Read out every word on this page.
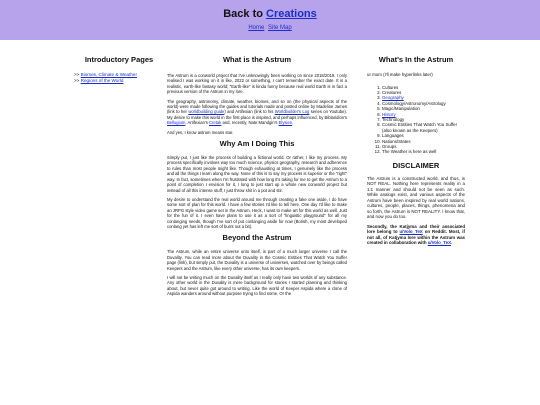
Back to Creations
Home Site Map
Introductory Pages
>> Biomes, Climate & Weather
>> Regions of the World
What is the Astrum

The Astrum is a conworld project that I've unknowingly been working on since 2018/2019. I only realised I was working on it in like, 2022 or something, I can't remember the exact date. It is a realistic, earth-like fantasy world; "Earth-like" is kinda funny because real world Earth is in fact a previous version of the Astrum in my lore.

The geography, astronomy, climate, weather, biomes, and so on (the physical aspects of the world) were made following the guides and tutorials made and posted online by Madeline James (link to her worldbuilding guide) and Artifexian (link to his Worldbuilder's Log series on Youtube). My desire to make this world in the first place is inspired, and perhaps influenced, by Biblaridion's Bellugium, Artifexian's Cretak and, recently, Nate Mandgin's Elysien.

And yes, I know astrum means star.

Why Am I Doing This

Simply put, I just like the process of building a fictional world. Or rather, I like my process. My process specifically involves way too much science, physics geography, research and adherence to rules than most people might like. Though exhausting at times, I genuinely like the process and all the things I learn along the way. None of this is to say my process is superior or the "right" way. In fact, sometimes when I'm frustrated with how long it's taking for me to get the Astrum to a point of completion I envision for it, I long to just start up a whole new conworld project but instead of all this intense stuff, I just throw shit in a pot and stir.

My desire to understand the real world around me through creating a fake one aside, I do have some sort of plan for this world. I have a few stories I'd like to tell here. One day I'd like to make an JRPG style video game set in the Astrum. Heck, I want to make art for this world as well. Just for the fun of it. I even have plans to use it as a sort of "linguistic playground" for all my conlanging needs, though I've sort of put conlanging aside for now (Borish, my most developed conlang yet has left me sort of burnt out a bit).

Beyond the Astrum

The Astrum, while an entire universe unto itself, is part of a much larger universe I call the Duvality. You can read more about the Duvality in the Cosmic Entities That Watch You Suffer page (link), but simply put, the Duvality is a universe of universes, watched over by beings called Keepers and the Astrum, like every other universe, has its own keepers.

I will not be writing much on the Duvality itself as I really only have two worlds of any substance. Any other world in the Duvality is mere background for stories I started planning and thinking about, but never quite got around to writing. Like the world of Keeper Aspida where a clone of Aspida wanders around without purpose trying to find some. Or the

What's In the Astrum
ur mom (I'll make hyperlinks later)
1. Cultures
2. Creatures
3. Geography
4. Cosmology/Astronomy/Astrology
5. Magic/Manipulation
6. History
7. Technology
8. Cosmic Entities That Watch You Suffer (also known as the Keepers)
9. Languages
10. Nations/States
11. Groups
12. The Weather is here as well
DISCLAIMER

The Astrum is a constructed world, and thus, is NOT REAL. Nothing here represents reality in a 1:1 manner and should not be seen as such. While analogs exist, and various aspects of the Astrum have been inspired by real world nations, cultures, people, places, things, phenomena and so forth, the Astrum is NOT REALITY. I know that, and now you do too.

Secondly, the Katjyma and their associated lore belong to u/Volo_TeX on Reddit. Most, if not all, of Katjyma lore within the Astrum was created in collaboration with u/Volo_TeX.
